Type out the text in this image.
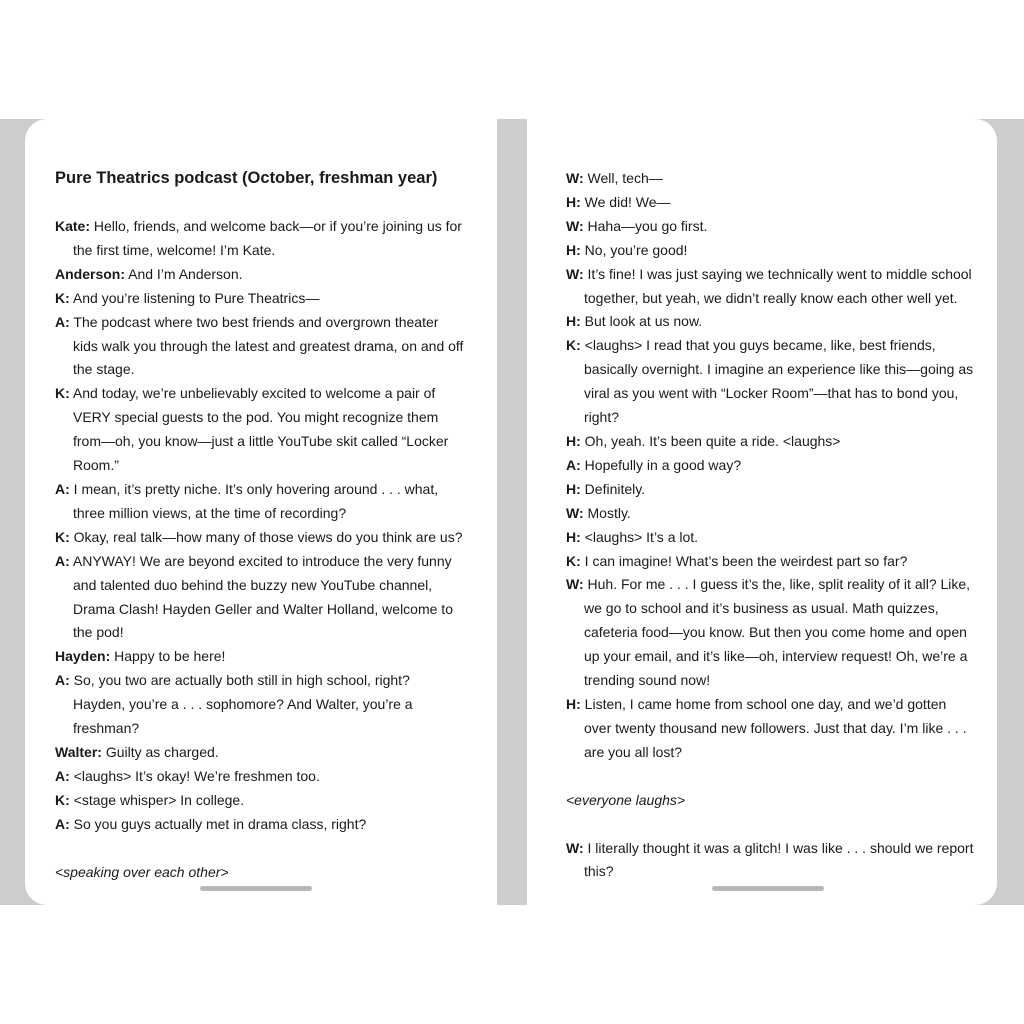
Pure Theatrics podcast (October, freshman year)
Kate: Hello, friends, and welcome back—or if you’re joining us for the first time, welcome! I’m Kate.
Anderson: And I’m Anderson.
K: And you’re listening to Pure Theatrics—
A: The podcast where two best friends and overgrown theater kids walk you through the latest and greatest drama, on and off the stage.
K: And today, we’re unbelievably excited to welcome a pair of VERY special guests to the pod. You might recognize them from—oh, you know—just a little YouTube skit called “Locker Room.”
A: I mean, it’s pretty niche. It’s only hovering around . . . what, three million views, at the time of recording?
K: Okay, real talk—how many of those views do you think are us?
A: ANYWAY! We are beyond excited to introduce the very funny and talented duo behind the buzzy new YouTube channel, Drama Clash! Hayden Geller and Walter Holland, welcome to the pod!
Hayden: Happy to be here!
A: So, you two are actually both still in high school, right? Hayden, you’re a . . . sophomore? And Walter, you’re a freshman?
Walter: Guilty as charged.
A: <laughs> It’s okay! We’re freshmen too.
K: <stage whisper> In college.
A: So you guys actually met in drama class, right?
<speaking over each other>
W: Well, tech—
H: We did! We—
W: Haha—you go first.
H: No, you’re good!
W: It’s fine! I was just saying we technically went to middle school together, but yeah, we didn’t really know each other well yet.
H: But look at us now.
K: <laughs> I read that you guys became, like, best friends, basically overnight. I imagine an experience like this—going as viral as you went with “Locker Room”—that has to bond you, right?
H: Oh, yeah. It’s been quite a ride. <laughs>
A: Hopefully in a good way?
H: Definitely.
W: Mostly.
H: <laughs> It’s a lot.
K: I can imagine! What’s been the weirdest part so far?
W: Huh. For me . . . I guess it’s the, like, split reality of it all? Like, we go to school and it’s business as usual. Math quizzes, cafeteria food—you know. But then you come home and open up your email, and it’s like—oh, interview request! Oh, we’re a trending sound now!
H: Listen, I came home from school one day, and we’d gotten over twenty thousand new followers. Just that day. I’m like . . . are you all lost?
<everyone laughs>
W: I literally thought it was a glitch! I was like . . . should we report this?
